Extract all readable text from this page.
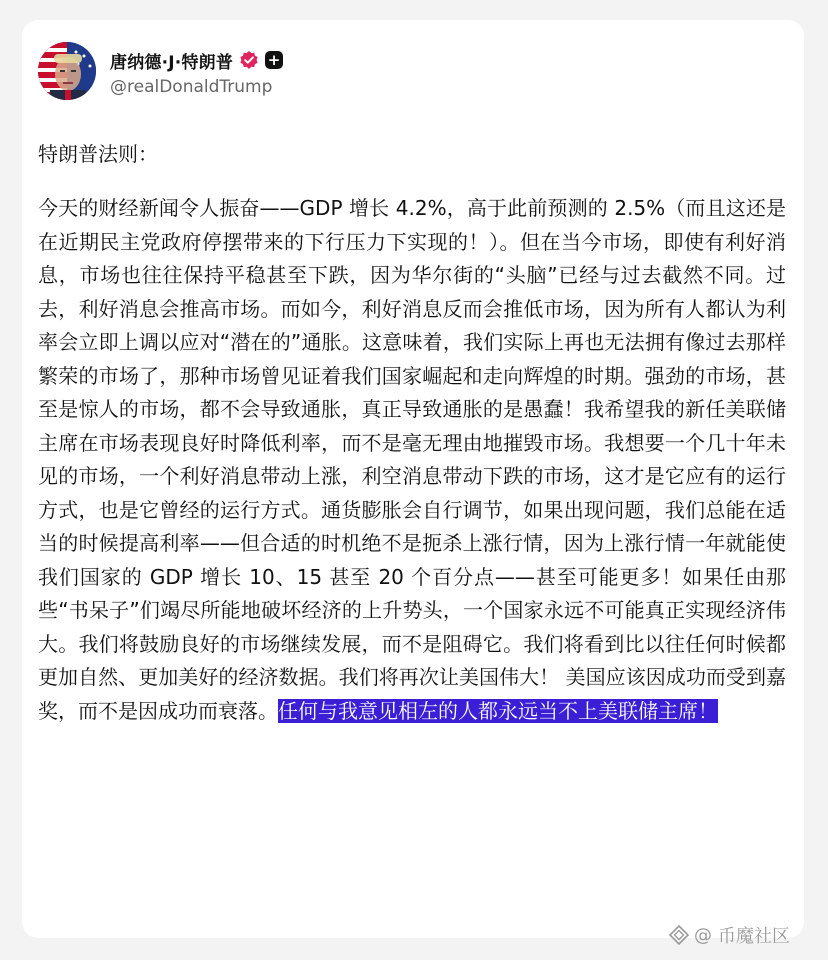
唐纳德·J·特朗普 +
@realDonaldTrump
特朗普法则：
今天的财经新闻令人振奋——GDP 增长 4.2%，高于此前预测的 2.5%（而且这还是在近期民主党政府停摆带来的下行压力下实现的！）。但在当今市场，即使有利好消息，市场也往往保持平稳甚至下跌，因为华尔街的“头脑”已经与过去截然不同。过去，利好消息会推高市场。而如今，利好消息反而会推低市场，因为所有人都认为利率会立即上调以应对“潜在的”通胀。这意味着，我们实际上再也无法拥有像过去那样繁荣的市场了，那种市场曾见证着我们国家崛起和走向辉煌的时期。强劲的市场，甚至是惊人的市场，都不会导致通胀，真正导致通胀的是愚蠢！我希望我的新任美联储主席在市场表现良好时降低利率，而不是毫无理由地摧毁市场。我想要一个几十年未见的市场，一个利好消息带动上涨，利空消息带动下跌的市场，这才是它应有的运行方式，也是它曾经的运行方式。通货膨胀会自行调节，如果出现问题，我们总能在适当的时候提高利率——但合适的时机绝不是扼杀上涨行情，因为上涨行情一年就能使我们国家的 GDP 增长 10、15 甚至 20 个百分点——甚至可能更多！如果任由那些“书呆子”们竭尽所能地破坏经济的上升势头，一个国家永远不可能真正实现经济伟大。我们将鼓励良好的市场继续发展，而不是阻碍它。我们将看到比以往任何时候都更加自然、更加美好的经济数据。我们将再次让美国伟大！ 美国应该因成功而受到嘉奖，而不是因成功而衰落。任何与我意见相左的人都永远当不上美联储主席！
@ 币魔社区
